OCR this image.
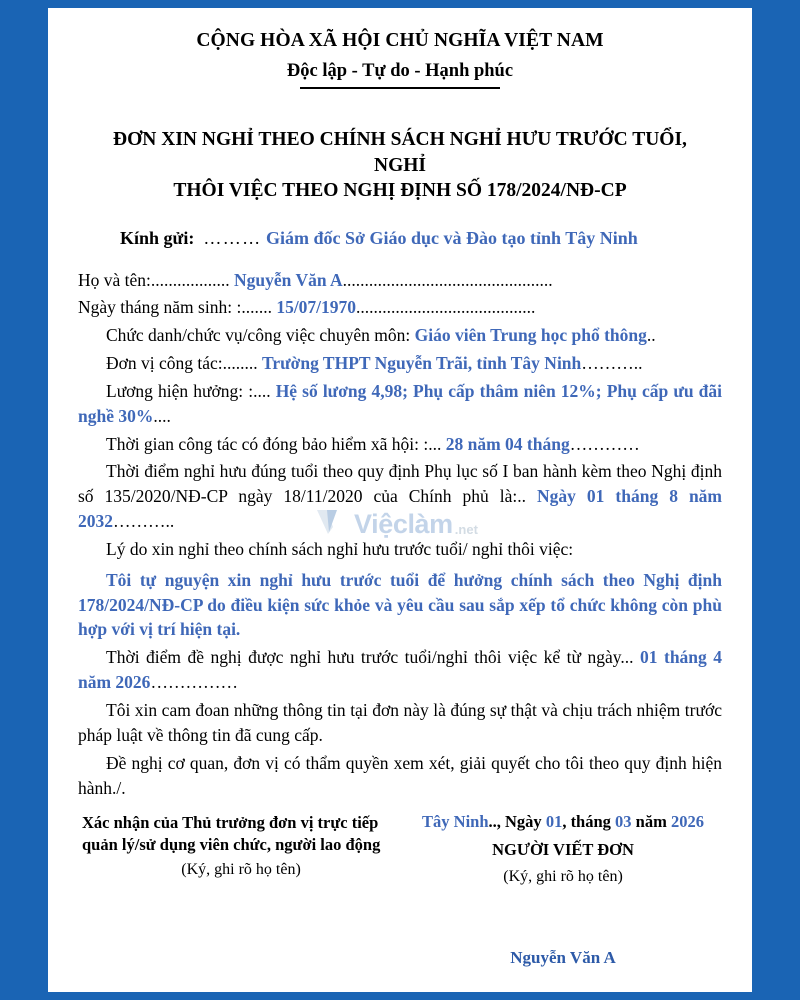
CỘNG HÒA XÃ HỘI CHỦ NGHĨA VIỆT NAM
Độc lập - Tự do - Hạnh phúc
ĐƠN XIN NGHỈ THEO CHÍNH SÁCH NGHỈ HƯU TRƯỚC TUỔI, NGHỈ
THÔI VIỆC THEO NGHỊ ĐỊNH SỐ 178/2024/NĐ-CP
Kính gửi: ……… Giám đốc Sở Giáo dục và Đào tạo tỉnh Tây Ninh

Họ và tên:.................. Nguyễn Văn A................................................

Ngày tháng năm sinh: :....... 15/07/1970.........................................

Chức danh/chức vụ/công việc chuyên môn: Giáo viên Trung học phổ thông..

Đơn vị công tác:........ Trường THPT Nguyễn Trãi, tỉnh Tây Ninh………..

Lương hiện hưởng: :.... Hệ số lương 4,98; Phụ cấp thâm niên 12%; Phụ cấp ưu đãi nghề 30%....

Thời gian công tác có đóng bảo hiểm xã hội: :... 28 năm 04 tháng…………

Thời điểm nghỉ hưu đúng tuổi theo quy định Phụ lục số I ban hành kèm theo Nghị định số 135/2020/NĐ-CP ngày 18/11/2020 của Chính phủ là:.. Ngày 01 tháng 8 năm 2032………..

Lý do xin nghỉ theo chính sách nghỉ hưu trước tuổi/ nghỉ thôi việc:

Tôi tự nguyện xin nghỉ hưu trước tuổi để hưởng chính sách theo Nghị định 178/2024/NĐ-CP do điều kiện sức khỏe và yêu cầu sau sắp xếp tổ chức không còn phù hợp với vị trí hiện tại.

Thời điểm đề nghị được nghỉ hưu trước tuổi/nghỉ thôi việc kể từ ngày... 01 tháng 4 năm 2026……………

Tôi xin cam đoan những thông tin tại đơn này là đúng sự thật và chịu trách nhiệm trước pháp luật về thông tin đã cung cấp.

Đề nghị cơ quan, đơn vị có thẩm quyền xem xét, giải quyết cho tôi theo quy định hiện hành./.

Xác nhận của Thủ trưởng đơn vị trực tiếp
quản lý/sử dụng viên chức, người lao động
(Ký, ghi rõ họ tên)
Tây Ninh.., Ngày 01, tháng 03 năm 2026
NGƯỜI VIẾT ĐƠN
(Ký, ghi rõ họ tên)
Nguyễn Văn A
Việclàm .net
